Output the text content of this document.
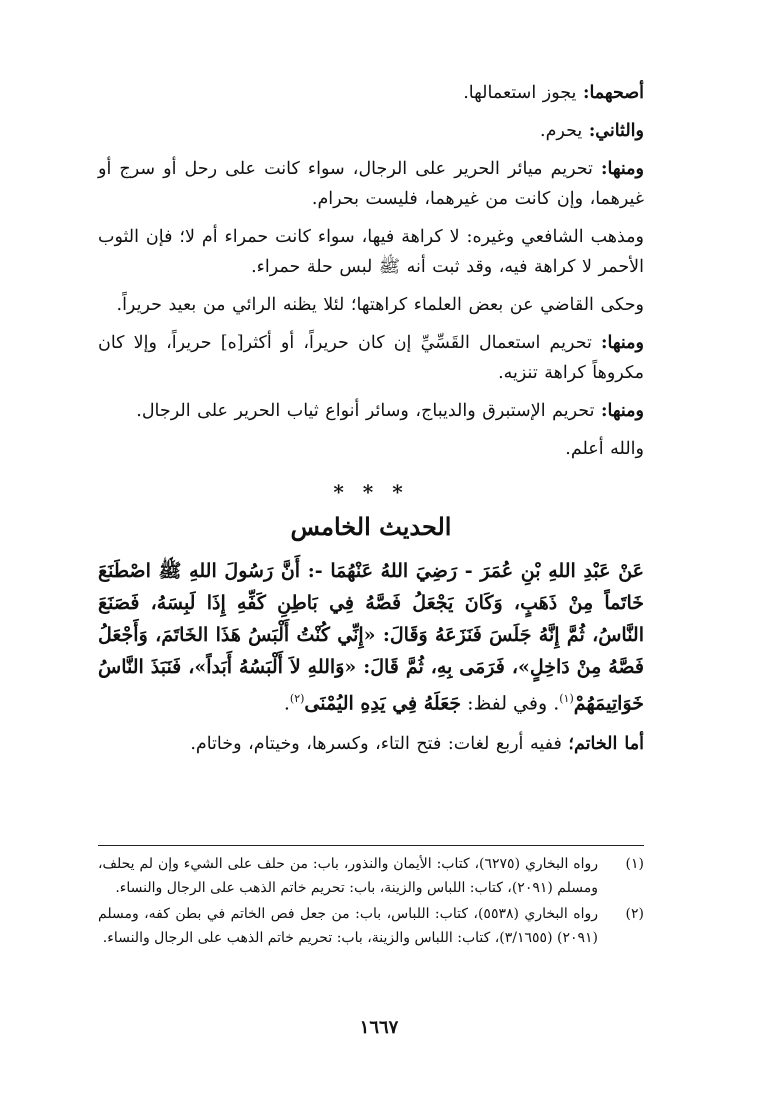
أصحهما: يجوز استعمالها.

والثاني: يحرم.

ومنها: تحريم ميائر الحرير على الرجال، سواء كانت على رحل أو سرج أو غيرهما، وإن كانت من غيرهما، فليست بحرام.

ومذهب الشافعي وغيره: لا كراهة فيها، سواء كانت حمراء أم لا؛ فإن الثوب الأحمر لا كراهة فيه، وقد ثبت أنه ﷺ لبس حلة حمراء.

وحكى القاضي عن بعض العلماء كراهتها؛ لئلا يظنه الرائي من بعيد حريراً.

ومنها: تحريم استعمال القَسِّيِّ إن كان حريراً، أو أكثر[ه] حريراً، وإلا كان مكروهاً كراهة تنزيه.

ومنها: تحريم الإستبرق والديباج، وسائر أنواع ثياب الحرير على الرجال.

والله أعلم.

* * *
الحديث الخامس

عَنْ عَبْدِ اللهِ بْنِ عُمَرَ - رَضِيَ اللهُ عَنْهُمَا -: أَنَّ رَسُولَ اللهِ ﷺ اصْطَنَعَ خَاتَماً مِنْ ذَهَبٍ، وَكَانَ يَجْعَلُ فَصَّهُ فِي بَاطِنِ كَفِّهِ إِذَا لَبِسَهُ، فَصَنَعَ النَّاسُ، ثُمَّ إِنَّهُ جَلَسَ فَنَزَعَهُ وَقَالَ: «إِنِّي كُنْتُ أَلْبَسُ هَذَا الخَاتَمَ، وَأَجْعَلُ فَصَّهُ مِنْ دَاخِلٍ»، فَرَمَى بِهِ، ثُمَّ قَالَ: «وَاللهِ لاَ أَلْبَسُهُ أَبَداً»، فَنَبَذَ النَّاسُ خَوَاتِيمَهُمْ$^{(١)}$. وفي لفظ: جَعَلَهُ فِي يَدِهِ اليُمْنَى$^{(٢)}$.

أما الخاتم؛ ففيه أربع لغات: فتح التاء، وكسرها، وخيتام، وخاتام.

(١)
رواه البخاري (٦٢٧٥)، كتاب: الأيمان والنذور، باب: من حلف على الشيء وإن لم يحلف، ومسلم (٢٠٩١)، كتاب: اللباس والزينة، باب: تحريم خاتم الذهب على الرجال والنساء.
(٢)
رواه البخاري (٥٥٣٨)، كتاب: اللباس، باب: من جعل فص الخاتم في بطن كفه، ومسلم (٢٠٩١) (٣/١٦٥٥)، كتاب: اللباس والزينة، باب: تحريم خاتم الذهب على الرجال والنساء.
١٦٦٧
